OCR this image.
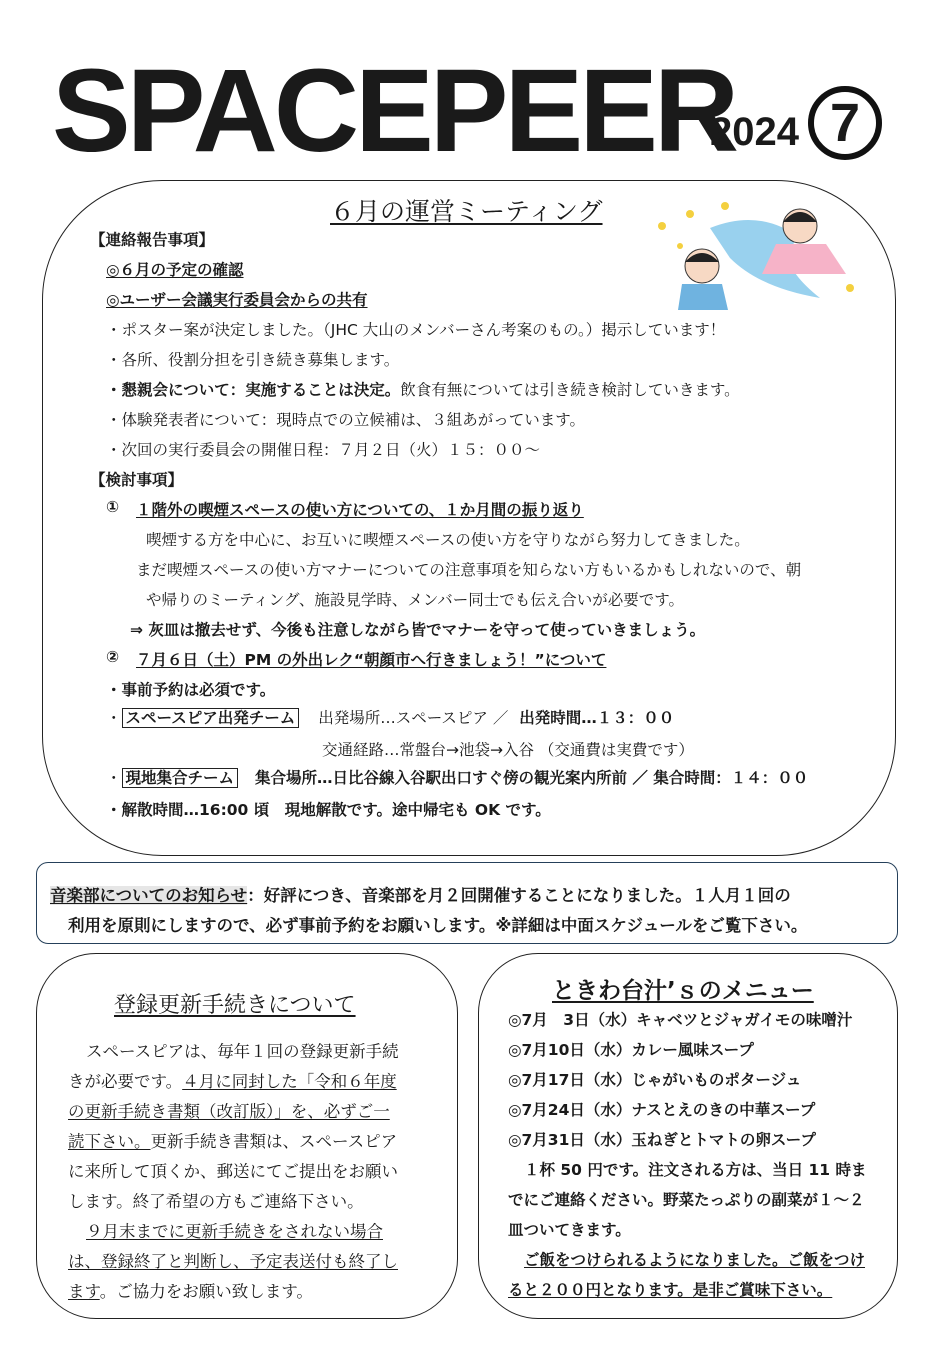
SPACEPEER
2024 7
６月の運営ミーティング
【連絡報告事項】
◎６月の予定の確認
◎ユーザー会議実行委員会からの共有
・ポスター案が決定しました。（JHC 大山のメンバーさん考案のもの。）掲示しています！
・各所、役割分担を引き続き募集します。
・懇親会について：実施することは決定。飲食有無については引き続き検討していきます。
・体験発表者について：現時点での立候補は、３組あがっています。
・次回の実行委員会の開催日程：７月２日（火）１５：００～
【検討事項】
① １階外の喫煙スペースの使い方についての、１か月間の振り返り
喫煙する方を中心に、お互いに喫煙スペースの使い方を守りながら努力してきました。
まだ喫煙スペースの使い方マナーについての注意事項を知らない方もいるかもしれないので、朝
や帰りのミーティング、施設見学時、メンバー同士でも伝え合いが必要です。
⇒ 灰皿は撤去せず、今後も注意しながら皆でマナーを守って使っていきましょう。
② ７月６日（土）PM の外出レク“朝顔市へ行きましょう！”について
・事前予約は必須です。
・ スペースピア出発チーム 出発場所…スペースピア ／ 出発時間…１３：００
交通経路…常盤台→池袋→入谷 （交通費は実費です）
・ 現地集合チーム 集合場所…日比谷線入谷駅出口すぐ傍の観光案内所前 ／ 集合時間：１４：００
・解散時間…16:00 頃　現地解散です。途中帰宅も OK です。
音楽部についてのお知らせ：好評につき、音楽部を月２回開催することになりました。１人月１回の
利用を原則にしますので、必ず事前予約をお願いします。※詳細は中面スケジュールをご覧下さい。
登録更新手続きについて
スペースピアは、毎年１回の登録更新手続
きが必要です。４月に同封した「令和６年度
の更新手続き書類（改訂版）」を、必ずご一
読下さい。更新手続き書類は、スペースピア
に来所して頂くか、郵送にてご提出をお願い
します。終了希望の方もご連絡下さい。
９月末までに更新手続きをされない場合
は、登録終了と判断し、予定表送付も終了し
ます。ご協力をお願い致します。
ときわ台汁’ｓのメニュー
◎7月　3日（水）キャベツとジャガイモの味噌汁
◎7月10日（水）カレー風味スープ
◎7月17日（水）じゃがいものポタージュ
◎7月24日（水）ナスとえのきの中華スープ
◎7月31日（水）玉ねぎとトマトの卵スープ
１杯 50 円です。注文される方は、当日 11 時ま
でにご連絡ください。野菜たっぷりの副菜が１～２
皿ついてきます。
ご飯をつけられるようになりました。ご飯をつけ
ると２００円となります。是非ご賞味下さい。
